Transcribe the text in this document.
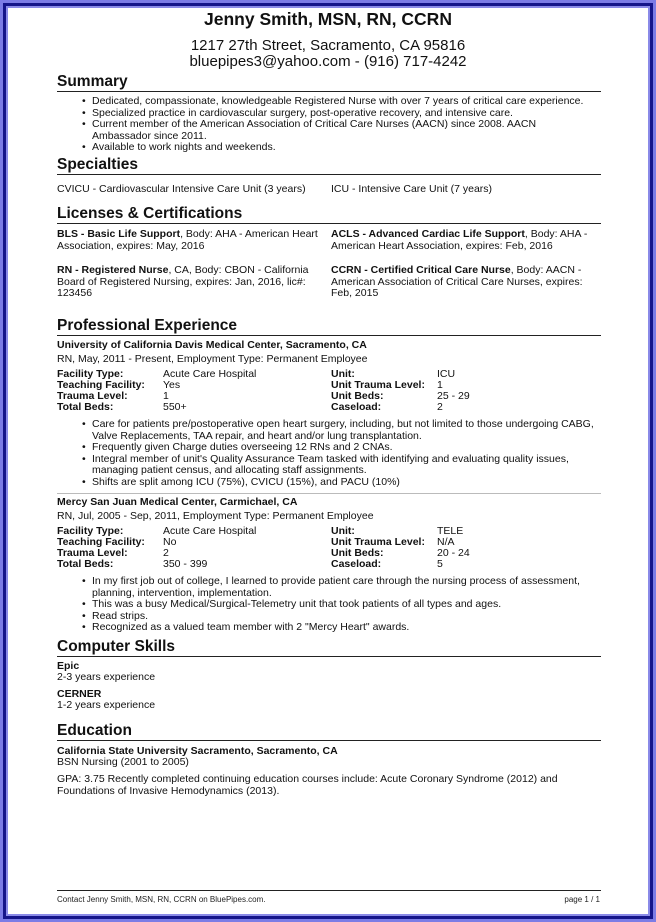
Jenny Smith, MSN, RN, CCRN
1217 27th Street, Sacramento, CA 95816
bluepipes3@yahoo.com - (916) 717-4242
Summary
• Dedicated, compassionate, knowledgeable Registered Nurse with over 7 years of critical care experience.
• Specialized practice in cardiovascular surgery, post-operative recovery, and intensive care.
• Current member of the American Association of Critical Care Nurses (AACN) since 2008. AACN Ambassador since 2011.
• Available to work nights and weekends.
Specialties
CVICU - Cardiovascular Intensive Care Unit (3 years) ICU - Intensive Care Unit (7 years)
Licenses & Certifications
BLS - Basic Life Support, Body: AHA - American Heart Association, expires: May, 2016
ACLS - Advanced Cardiac Life Support, Body: AHA - American Heart Association, expires: Feb, 2016
RN - Registered Nurse, CA, Body: CBON - California Board of Registered Nursing, expires: Jan, 2016, lic#: 123456
CCRN - Certified Critical Care Nurse, Body: AACN - American Association of Critical Care Nurses, expires: Feb, 2015
Professional Experience
University of California Davis Medical Center, Sacramento, CA
RN, May, 2011 - Present, Employment Type: Permanent Employee
Facility Type:	Acute Care Hospital	Unit:	ICU
Teaching Facility:	Yes	Unit Trauma Level:	1
Trauma Level:	1	Unit Beds:	25 - 29
Total Beds:	550+	Caseload:	2
• Care for patients pre/postoperative open heart surgery, including, but not limited to those undergoing CABG, Valve Replacements, TAA repair, and heart and/or lung transplantation.
• Frequently given Charge duties overseeing 12 RNs and 2 CNAs.
• Integral member of unit's Quality Assurance Team tasked with identifying and evaluating quality issues, managing patient census, and allocating staff assignments.
• Shifts are split among ICU (75%), CVICU (15%), and PACU (10%)
Mercy San Juan Medical Center, Carmichael, CA
RN, Jul, 2005 - Sep, 2011, Employment Type: Permanent Employee
Facility Type:	Acute Care Hospital	Unit:	TELE
Teaching Facility:	No	Unit Trauma Level:	N/A
Trauma Level:	2	Unit Beds:	20 - 24
Total Beds:	350 - 399	Caseload:	5
• In my first job out of college, I learned to provide patient care through the nursing process of assessment, planning, intervention, implementation.
• This was a busy Medical/Surgical-Telemetry unit that took patients of all types and ages.
• Read strips.
• Recognized as a valued team member with 2 "Mercy Heart" awards.
Computer Skills
Epic
2-3 years experience
CERNER
1-2 years experience
Education
California State University Sacramento, Sacramento, CA
BSN Nursing (2001 to 2005)
GPA: 3.75 Recently completed continuing education courses include: Acute Coronary Syndrome (2012) and Foundations of Invasive Hemodynamics (2013).
Contact Jenny Smith, MSN, RN, CCRN on BluePipes.com.	page 1 / 1
